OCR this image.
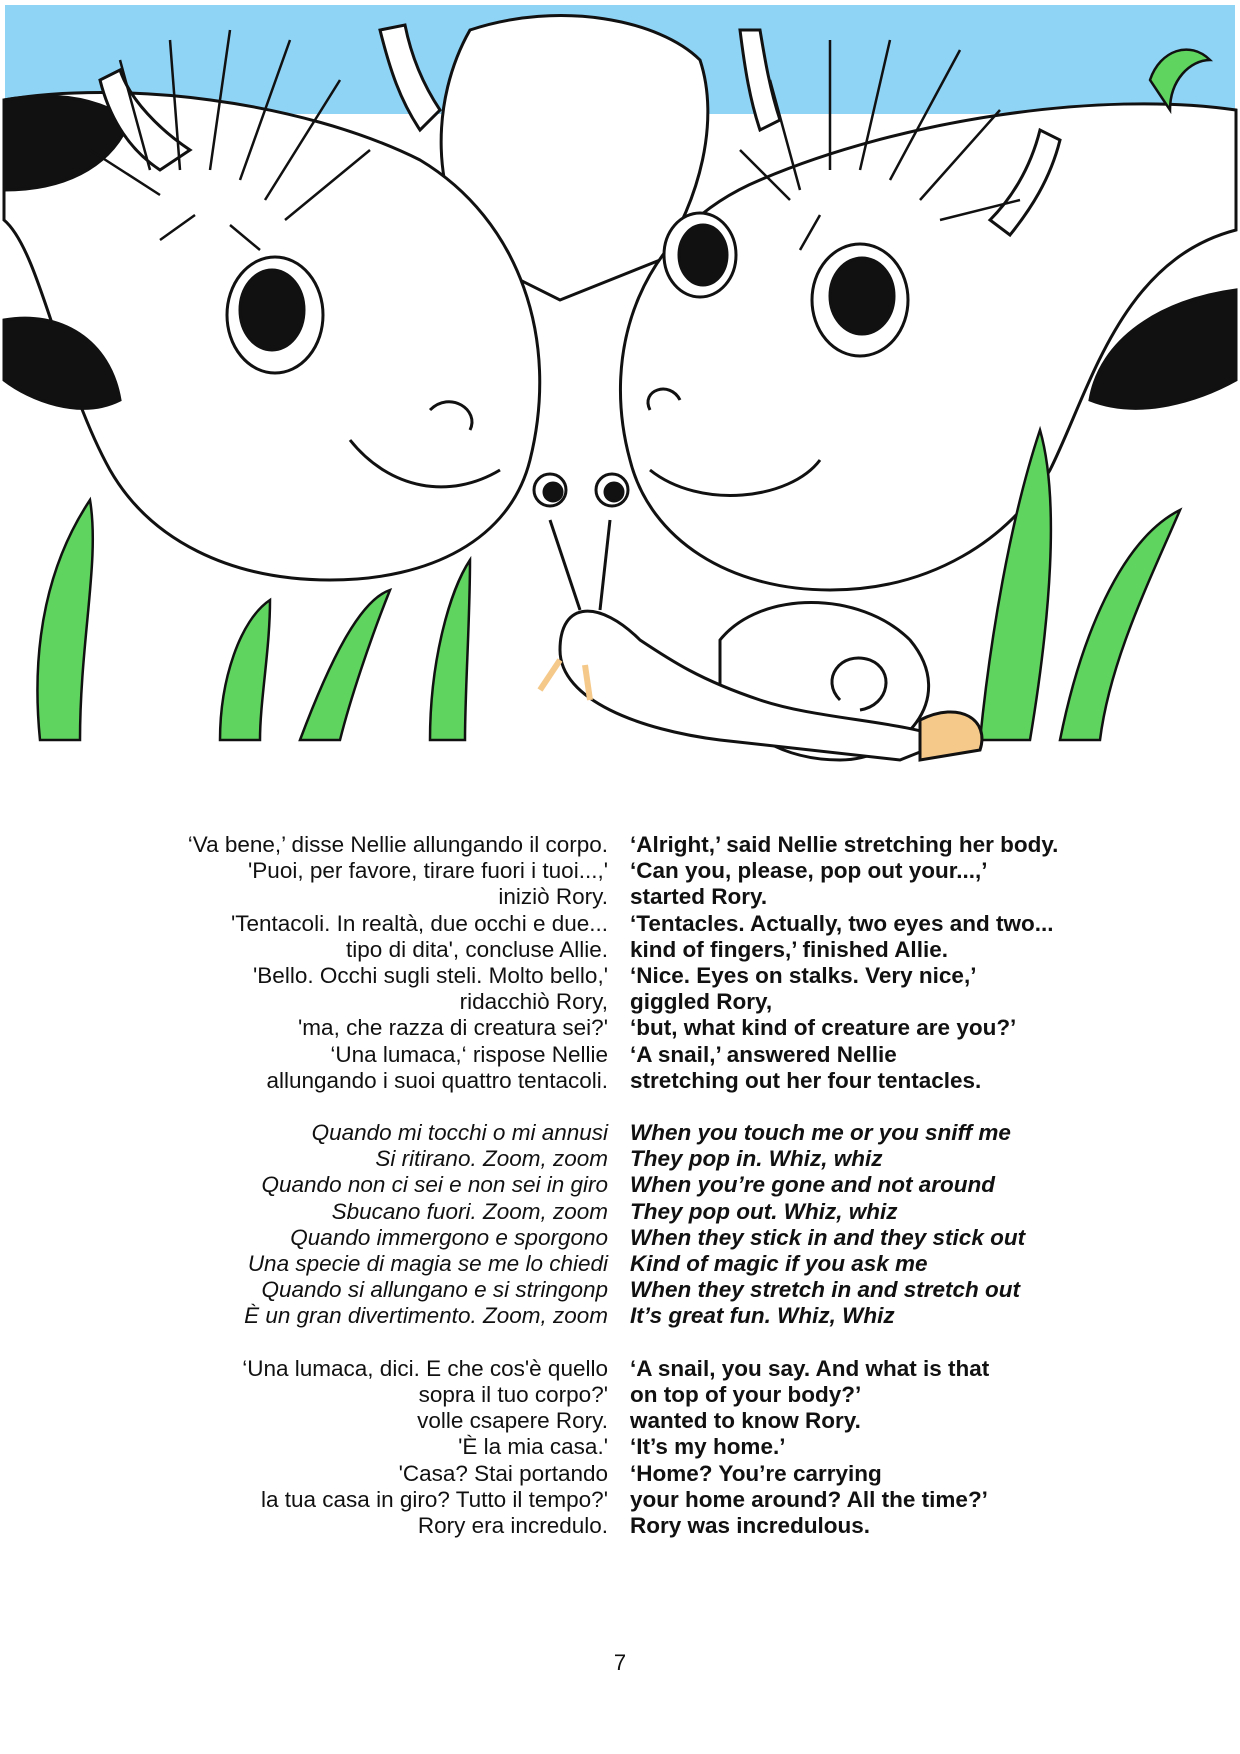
‘Va bene,’ disse Nellie allungando il corpo.
'Puoi, per favore, tirare fuori i tuoi...,'
iniziò Rory.
'Tentacoli. In realtà, due occhi e due...
tipo di dita', concluse Allie.
'Bello. Occhi sugli steli. Molto bello,'
ridacchiò Rory,
'ma, che razza di creatura sei?'
‘Una lumaca,‘ rispose Nellie
allungando i suoi quattro tentacoli.
Quando mi tocchi o mi annusi
Si ritirano. Zoom, zoom
Quando non ci sei e non sei in giro
Sbucano fuori. Zoom, zoom
Quando immergono e sporgono
Una specie di magia se me lo chiedi
Quando si allungano e si stringonp
È un gran divertimento. Zoom, zoom
‘Una lumaca, dici. E che cos'è quello
sopra il tuo corpo?'
volle csapere Rory.
'È la mia casa.'
'Casa? Stai portando
la tua casa in giro? Tutto il tempo?'
Rory era incredulo.
‘Alright,’ said Nellie stretching her body.
‘Can you, please, pop out your...,’
started Rory.
‘Tentacles. Actually, two eyes and two...
kind of fingers,’ finished Allie.
‘Nice. Eyes on stalks. Very nice,’
giggled Rory,
‘but, what kind of creature are you?’
‘A snail,’ answered Nellie
stretching out her four tentacles.
When you touch me or you sniff me
They pop in. Whiz, whiz
When you’re gone and not around
They pop out. Whiz, whiz
When they stick in and they stick out
Kind of magic if you ask me
When they stretch in and stretch out
It’s great fun. Whiz, Whiz
‘A snail, you say. And what is that
on top of your body?’
wanted to know Rory.
‘It’s my home.’
‘Home? You’re carrying
your home around? All the time?’
Rory was incredulous.
7
